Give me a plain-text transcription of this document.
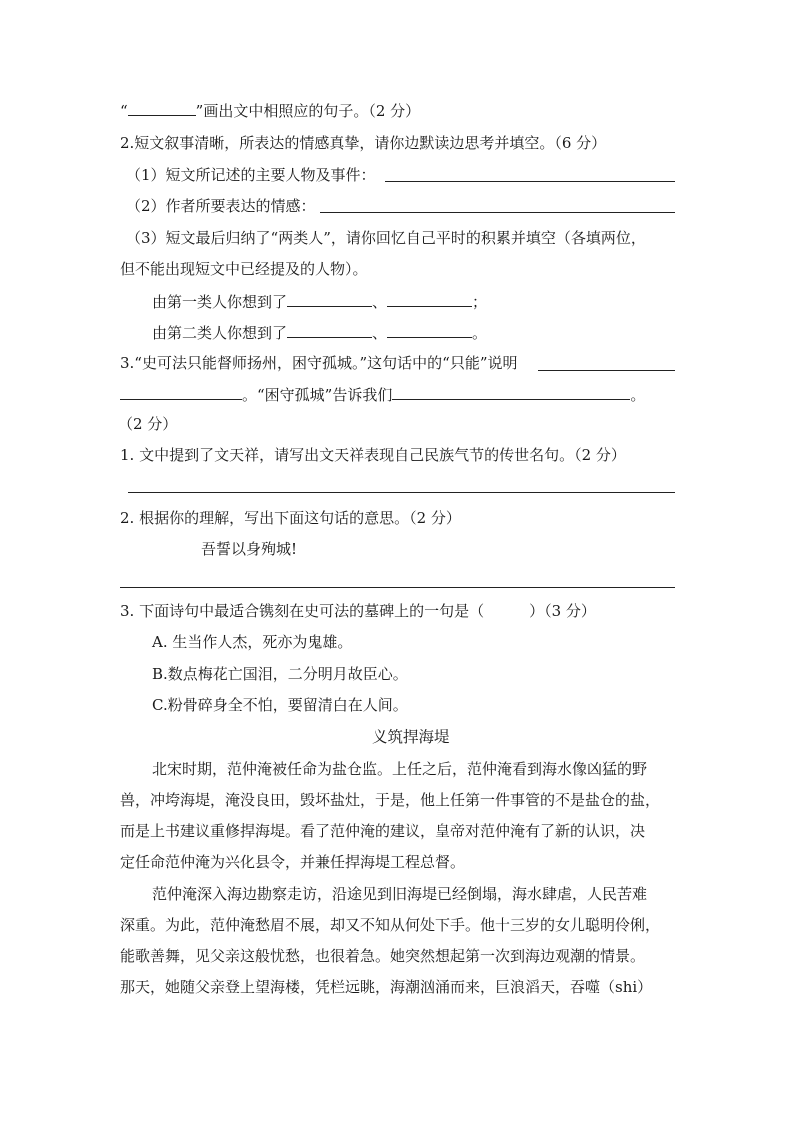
“	”画出文中相照应的句子。（2 分）
2.短文叙事清晰，所表达的情感真挚，请你边默读边思考并填空。（6 分）
（1）短文所记述的主要人物及事件：
（2）作者所要表达的情感：
（3）短文最后归纳了“两类人”，请你回忆自己平时的积累并填空（各填两位，
但不能出现短文中已经提及的人物）。
由第一类人你想到了	、	；
由第二类人你想到了	、	。
3.“史可法只能督师扬州，困守孤城。”这句话中的“只能”说明
。“困守孤城”告诉我们	。
（2 分）
1. 文中提到了文天祥，请写出文天祥表现自己民族气节的传世名句。（2 分）
2. 根据你的理解，写出下面这句话的意思。（2 分）
吾誓以身殉城!
3. 下面诗句中最适合镌刻在史可法的墓碑上的一句是（　　　）（3 分）
A. 生当作人杰，死亦为鬼雄。
B.数点梅花亡国泪，二分明月故臣心。
C.粉骨碎身全不怕，要留清白在人间。
义筑捍海堤
北宋时期，范仲淹被任命为盐仓监。上任之后，范仲淹看到海水像凶猛的野
兽，冲垮海堤，淹没良田，毁坏盐灶，于是，他上任第一件事管的不是盐仓的盐，
而是上书建议重修捍海堤。看了范仲淹的建议，皇帝对范仲淹有了新的认识，决
定任命范仲淹为兴化县令，并兼任捍海堤工程总督。
范仲淹深入海边勘察走访，沿途见到旧海堤已经倒塌，海水肆虐，人民苦难
深重。为此，范仲淹愁眉不展，却又不知从何处下手。他十三岁的女儿聪明伶俐，
能歌善舞，见父亲这般忧愁，也很着急。她突然想起第一次到海边观潮的情景。
那天，她随父亲登上望海楼，凭栏远眺，海潮汹涌而来，巨浪滔天，吞噬（shi）
